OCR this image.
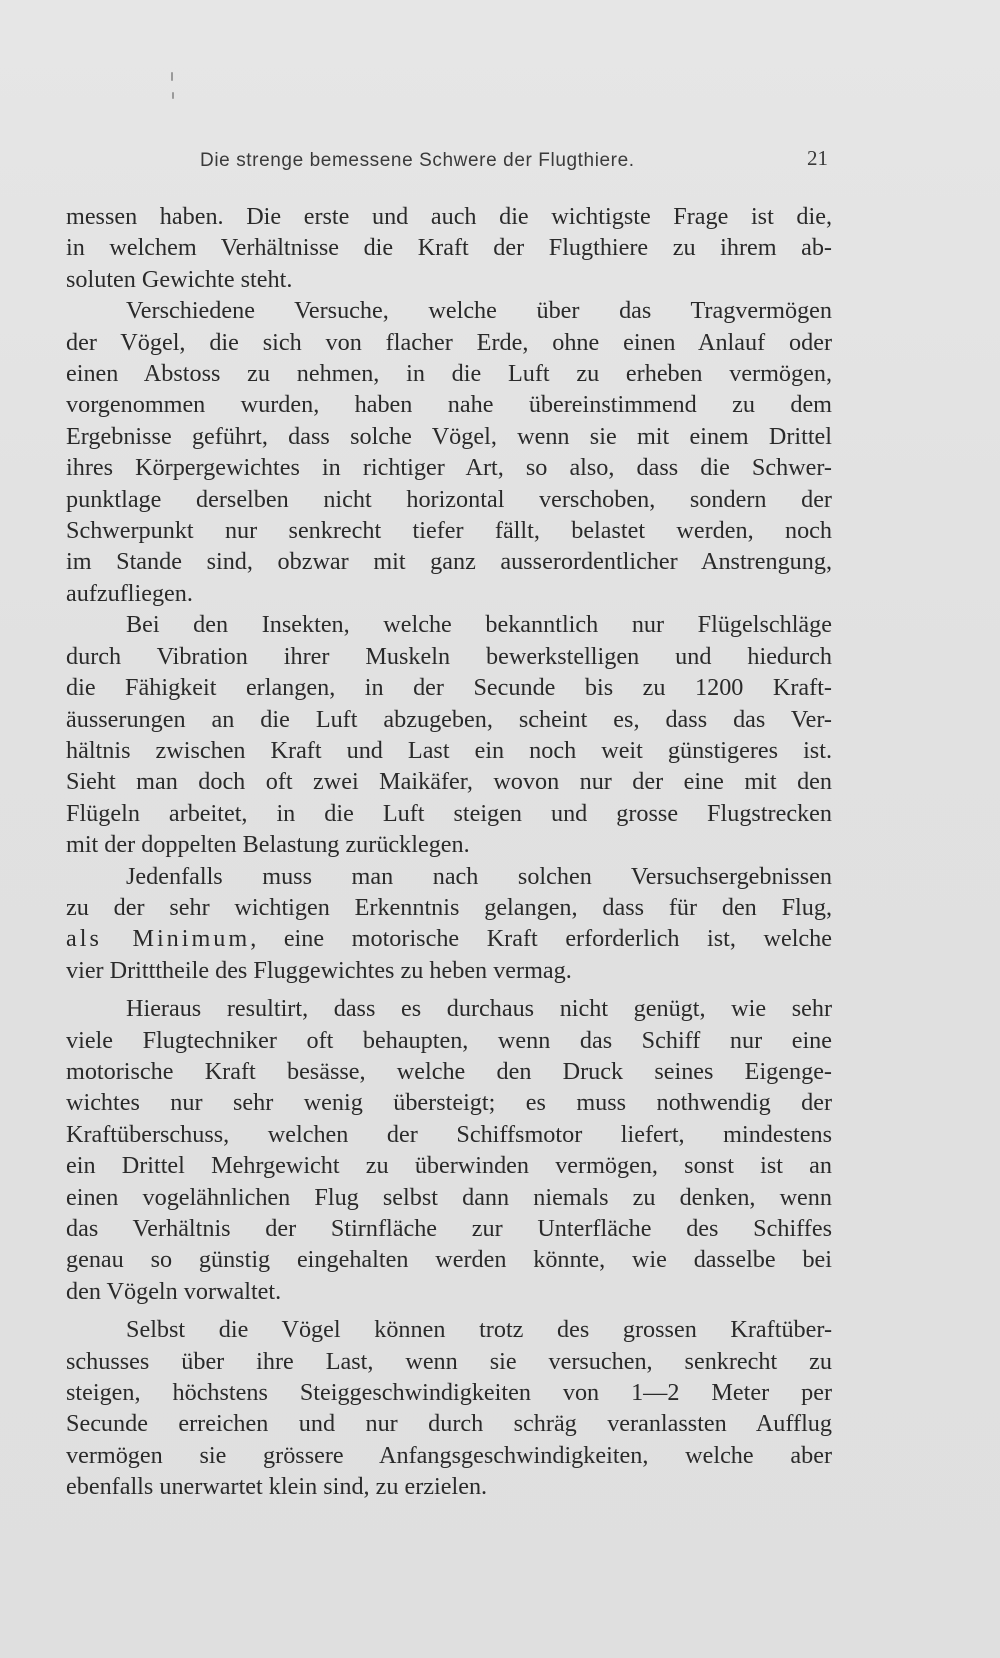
Die strenge bemessene Schwere der Flugthiere.	21

messen haben. Die erste und auch die wichtigste Frage ist die,
in welchem Verhältnisse die Kraft der Flugthiere zu ihrem ab-
soluten Gewichte steht.

Verschiedene Versuche, welche über das Tragvermögen
der Vögel, die sich von flacher Erde, ohne einen Anlauf oder
einen Abstoss zu nehmen, in die Luft zu erheben vermögen,
vorgenommen wurden, haben nahe übereinstimmend zu dem
Ergebnisse geführt, dass solche Vögel, wenn sie mit einem Drittel
ihres Körpergewichtes in richtiger Art, so also, dass die Schwer-
punktlage derselben nicht horizontal verschoben, sondern der
Schwerpunkt nur senkrecht tiefer fällt, belastet werden, noch
im Stande sind, obzwar mit ganz ausserordentlicher Anstrengung,
aufzufliegen.

Bei den Insekten, welche bekanntlich nur Flügelschläge
durch Vibration ihrer Muskeln bewerkstelligen und hiedurch
die Fähigkeit erlangen, in der Secunde bis zu 1200 Kraft-
äusserungen an die Luft abzugeben, scheint es, dass das Ver-
hältnis zwischen Kraft und Last ein noch weit günstigeres ist.
Sieht man doch oft zwei Maikäfer, wovon nur der eine mit den
Flügeln arbeitet, in die Luft steigen und grosse Flugstrecken
mit der doppelten Belastung zurücklegen.

Jedenfalls muss man nach solchen Versuchsergebnissen
zu der sehr wichtigen Erkenntnis gelangen, dass für den Flug,
als Minimum, eine motorische Kraft erforderlich ist, welche
vier Dritttheile des Fluggewichtes zu heben vermag.

Hieraus resultirt, dass es durchaus nicht genügt, wie sehr
viele Flugtechniker oft behaupten, wenn das Schiff nur eine
motorische Kraft besässe, welche den Druck seines Eigenge-
wichtes nur sehr wenig übersteigt; es muss nothwendig der
Kraftüberschuss, welchen der Schiffsmotor liefert, mindestens
ein Drittel Mehrgewicht zu überwinden vermögen, sonst ist an
einen vogelähnlichen Flug selbst dann niemals zu denken, wenn
das Verhältnis der Stirnfläche zur Unterfläche des Schiffes
genau so günstig eingehalten werden könnte, wie dasselbe bei
den Vögeln vorwaltet.

Selbst die Vögel können trotz des grossen Kraftüber-
schusses über ihre Last, wenn sie versuchen, senkrecht zu
steigen, höchstens Steiggeschwindigkeiten von 1—2 Meter per
Secunde erreichen und nur durch schräg veranlassten Aufflug
vermögen sie grössere Anfangsgeschwindigkeiten, welche aber
ebenfalls unerwartet klein sind, zu erzielen.
